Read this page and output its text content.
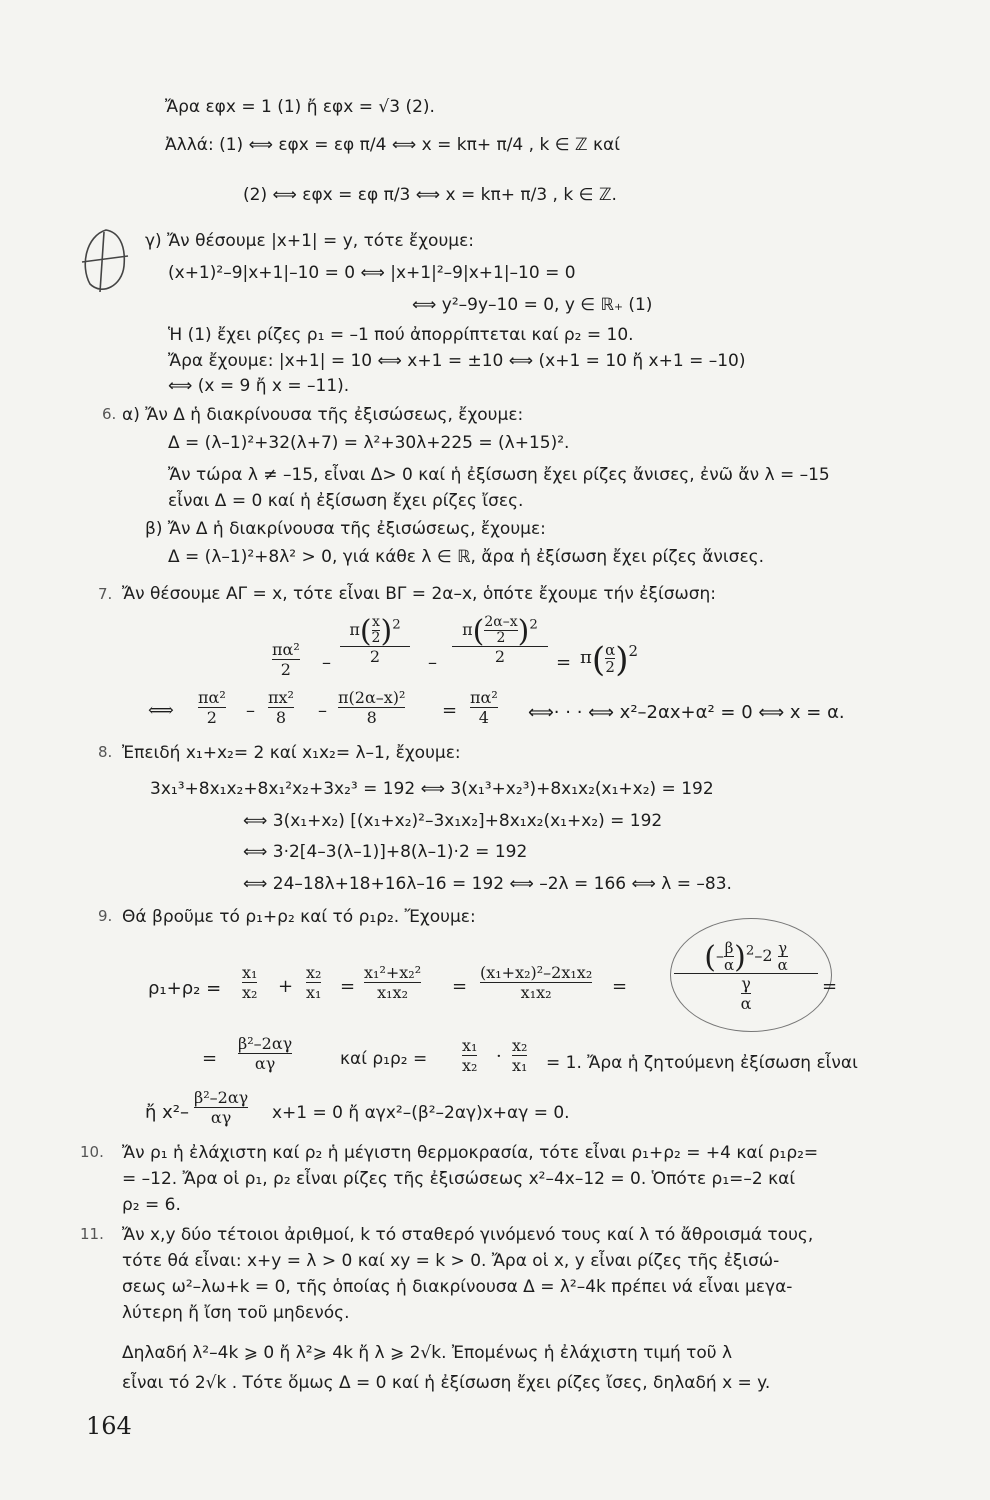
Ἄρα εφx = 1 (1) ἤ εφx = √3 (2).
Ἀλλά: (1) ⟺ εφx = εφ π/4 ⟺ x = kπ+ π/4 , k ∈ ℤ καί
(2) ⟺ εφx = εφ π/3 ⟺ x = kπ+ π/3 , k ∈ ℤ.
γ) Ἄν θέσουμε |x+1| = y, τότε ἔχουμε:
(x+1)²–9|x+1|–10 = 0 ⟺ |x+1|²–9|x+1|–10 = 0
⟺ y²–9y–10 = 0, y ∈ ℝ₊ (1)
Ἡ (1) ἔχει ρίζες ρ₁ = –1 πού ἀπορρίπτεται καί ρ₂ = 10.
Ἄρα ἔχουμε: |x+1| = 10 ⟺ x+1 = ±10 ⟺ (x+1 = 10 ἤ x+1 = –10)
⟺ (x = 9 ἤ x = –11).
6. α) Ἄν Δ ἡ διακρίνουσα τῆς ἐξισώσεως, ἔχουμε:
Δ = (λ–1)²+32(λ+7) = λ²+30λ+225 = (λ+15)².
Ἄν τώρα λ ≠ –15, εἶναι Δ> 0 καί ἡ ἐξίσωση ἔχει ρίζες ἄνισες, ἐνῶ ἄν λ = –15
εἶναι Δ = 0 καί ἡ ἐξίσωση ἔχει ρίζες ἴσες.
β) Ἄν Δ ἡ διακρίνουσα τῆς ἐξισώσεως, ἔχουμε:
Δ = (λ–1)²+8λ² > 0, γιά κάθε λ ∈ ℝ, ἄρα ἡ ἐξίσωση ἔχει ρίζες ἄνισες.
7. Ἄν θέσουμε ΑΓ = x, τότε εἶναι ΒΓ = 2α–x, ὁπότε ἔχουμε τήν ἐξίσωση:
πα²
2 –
$\pi( \frac{x}{2} )^2$
2	–
$\pi( \frac{2\alpha-x}{2} )^2$
2	= $\pi( \frac{\alpha}{2} )^2$
⟺
πα²
2 –
πx²
8 –
π(2α–x)²
8	=
πα²
4 ⟺· · · ⟺ x²–2αx+α² = 0 ⟺ x = α.
8. Ἐπειδή x₁+x₂= 2 καί x₁x₂= λ–1, ἔχουμε:
3x₁³+8x₁x₂+8x₁²x₂+3x₂³ = 192 ⟺ 3(x₁³+x₂³)+8x₁x₂(x₁+x₂) = 192
⟺ 3(x₁+x₂) [(x₁+x₂)²–3x₁x₂]+8x₁x₂(x₁+x₂) = 192
⟺ 3·2[4–3(λ–1)]+8(λ–1)·2 = 192
⟺ 24–18λ+18+16λ–16 = 192 ⟺ –2λ = 166 ⟺ λ = –83.
9. Θά βροῦμε τό ρ₁+ρ₂ καί τό ρ₁ρ₂. Ἔχουμε:
ρ₁+ρ₂ =
x₁
x₂ +
x₂
x₁ =
x₁²+x₂²
x₁x₂ =
(x₁+x₂)²–2x₁x₂
x₁x₂	=
(– $\frac{\beta}{\alpha} )^2-2 \frac{\gamma}{\alpha}$
γ
α
=
=
β²–2αγ
αγ	καί ρ₁ρ₂ =
x₁
x₂ ·
x₂
x₁ = 1. Ἄρα ἡ ζητούμενη ἐξίσωση εἶναι
ἤ x²–
β²–2αγ
αγ x+1 = 0 ἤ αγx²–(β²–2αγ)x+αγ = 0.
10. Ἄν ρ₁ ἡ ἐλάχιστη καί ρ₂ ἡ μέγιστη θερμοκρασία, τότε εἶναι ρ₁+ρ₂ = +4 καί ρ₁ρ₂=
= –12. Ἄρα οἱ ρ₁, ρ₂ εἶναι ρίζες τῆς ἐξισώσεως x²–4x–12 = 0. Ὁπότε ρ₁=–2 καί
ρ₂ = 6.
11. Ἄν x,y δύο τέτοιοι ἀριθμοί, k τό σταθερό γινόμενό τους καί λ τό ἄθροισμά τους,
τότε θά εἶναι: x+y = λ > 0 καί xy = k > 0. Ἄρα οἱ x, y εἶναι ρίζες τῆς ἐξισώ-
σεως ω²–λω+k = 0, τῆς ὁποίας ἡ διακρίνουσα Δ = λ²–4k πρέπει νά εἶναι μεγα-
λύτερη ἤ ἴση τοῦ μηδενός.
Δηλαδή λ²–4k ⩾ 0 ἤ λ²⩾ 4k ἤ λ ⩾ 2√k. Ἐπομένως ἡ ἐλάχιστη τιμή τοῦ λ
εἶναι τό 2√k . Τότε ὅμως Δ = 0 καί ἡ ἐξίσωση ἔχει ρίζες ἴσες, δηλαδή x = y.
164
